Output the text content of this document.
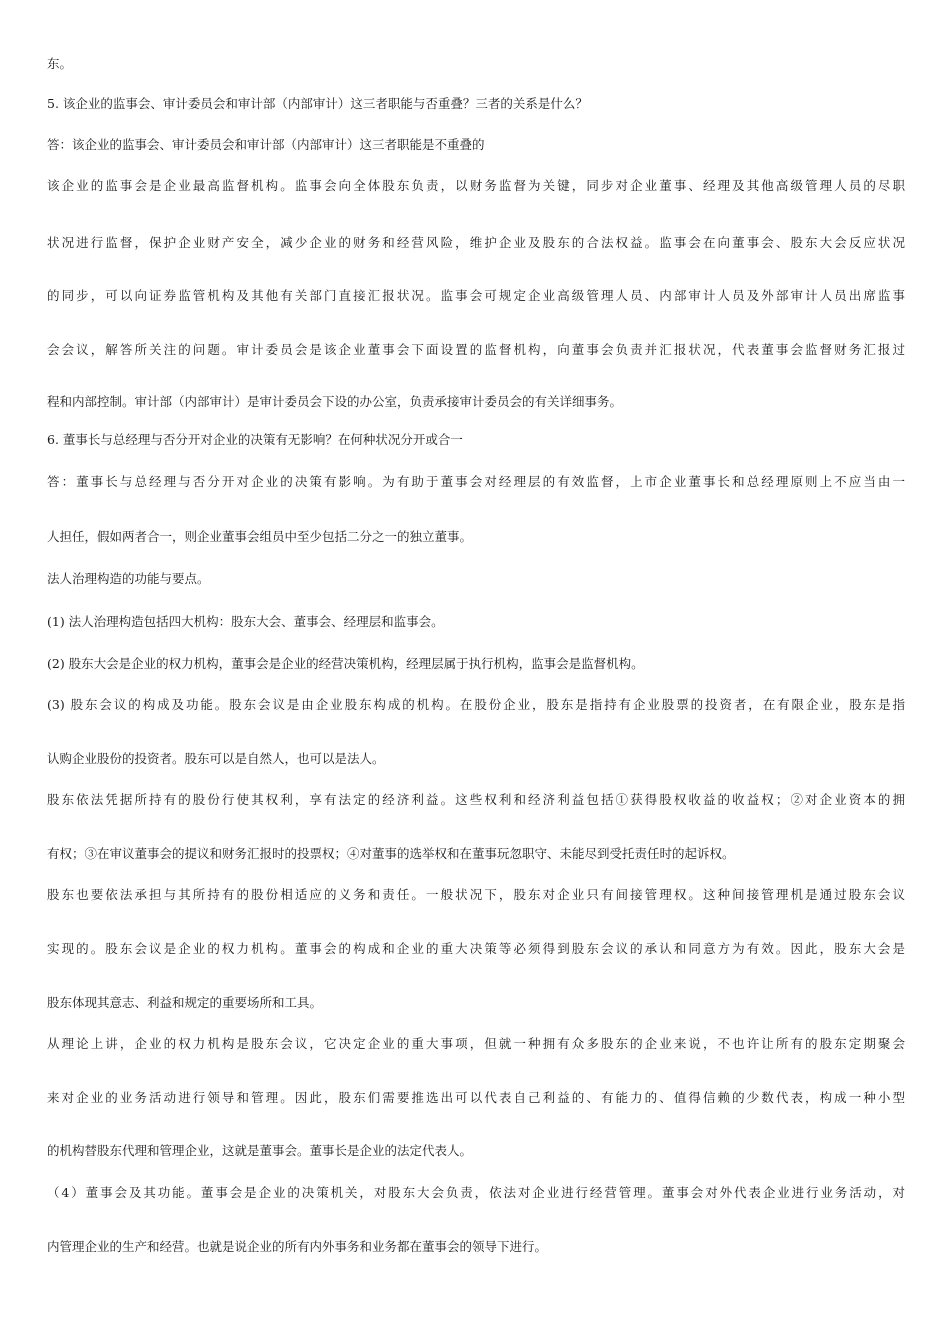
东。
5. 该企业的监事会、审计委员会和审计部（内部审计）这三者职能与否重叠？三者的关系是什么？
答：该企业的监事会、审计委员会和审计部（内部审计）这三者职能是不重叠的
该企业的监事会是企业最高监督机构。监事会向全体股东负责，以财务监督为关键，同步对企业董事、经理及其他高级管理人员的尽职
状况进行监督，保护企业财产安全，减少企业的财务和经营风险，维护企业及股东的合法权益。监事会在向董事会、股东大会反应状况
的同步，可以向证券监管机构及其他有关部门直接汇报状况。监事会可规定企业高级管理人员、内部审计人员及外部审计人员出席监事
会会议，解答所关注的问题。审计委员会是该企业董事会下面设置的监督机构，向董事会负责并汇报状况，代表董事会监督财务汇报过
程和内部控制。审计部（内部审计）是审计委员会下设的办公室，负责承接审计委员会的有关详细事务。
6. 董事长与总经理与否分开对企业的决策有无影响？在何种状况分开或合一
答：董事长与总经理与否分开对企业的决策有影响。为有助于董事会对经理层的有效监督，上市企业董事长和总经理原则上不应当由一
人担任，假如两者合一，则企业董事会组员中至少包括二分之一的独立董事。
法人治理构造的功能与要点。
(1) 法人治理构造包括四大机构：股东大会、董事会、经理层和监事会。
(2) 股东大会是企业的权力机构，董事会是企业的经营决策机构，经理层属于执行机构，监事会是监督机构。
(3) 股东会议的构成及功能。股东会议是由企业股东构成的机构。在股份企业，股东是指持有企业股票的投资者，在有限企业，股东是指
认购企业股份的投资者。股东可以是自然人，也可以是法人。
股东依法凭据所持有的股份行使其权利，享有法定的经济利益。这些权利和经济利益包括①获得股权收益的收益权；②对企业资本的拥
有权；③在审议董事会的提议和财务汇报时的投票权；④对董事的选举权和在董事玩忽职守、未能尽到受托责任时的起诉权。
股东也要依法承担与其所持有的股份相适应的义务和责任。一般状况下，股东对企业只有间接管理权。这种间接管理机是通过股东会议
实现的。股东会议是企业的权力机构。董事会的构成和企业的重大决策等必须得到股东会议的承认和同意方为有效。因此，股东大会是
股东体现其意志、利益和规定的重要场所和工具。
从理论上讲，企业的权力机构是股东会议，它决定企业的重大事项，但就一种拥有众多股东的企业来说，不也许让所有的股东定期聚会
来对企业的业务活动进行领导和管理。因此，股东们需要推选出可以代表自己利益的、有能力的、值得信赖的少数代表，构成一种小型
的机构替股东代理和管理企业，这就是董事会。董事长是企业的法定代表人。
（4）董事会及其功能。董事会是企业的决策机关，对股东大会负责，依法对企业进行经营管理。董事会对外代表企业进行业务活动，对
内管理企业的生产和经营。也就是说企业的所有内外事务和业务都在董事会的领导下进行。
